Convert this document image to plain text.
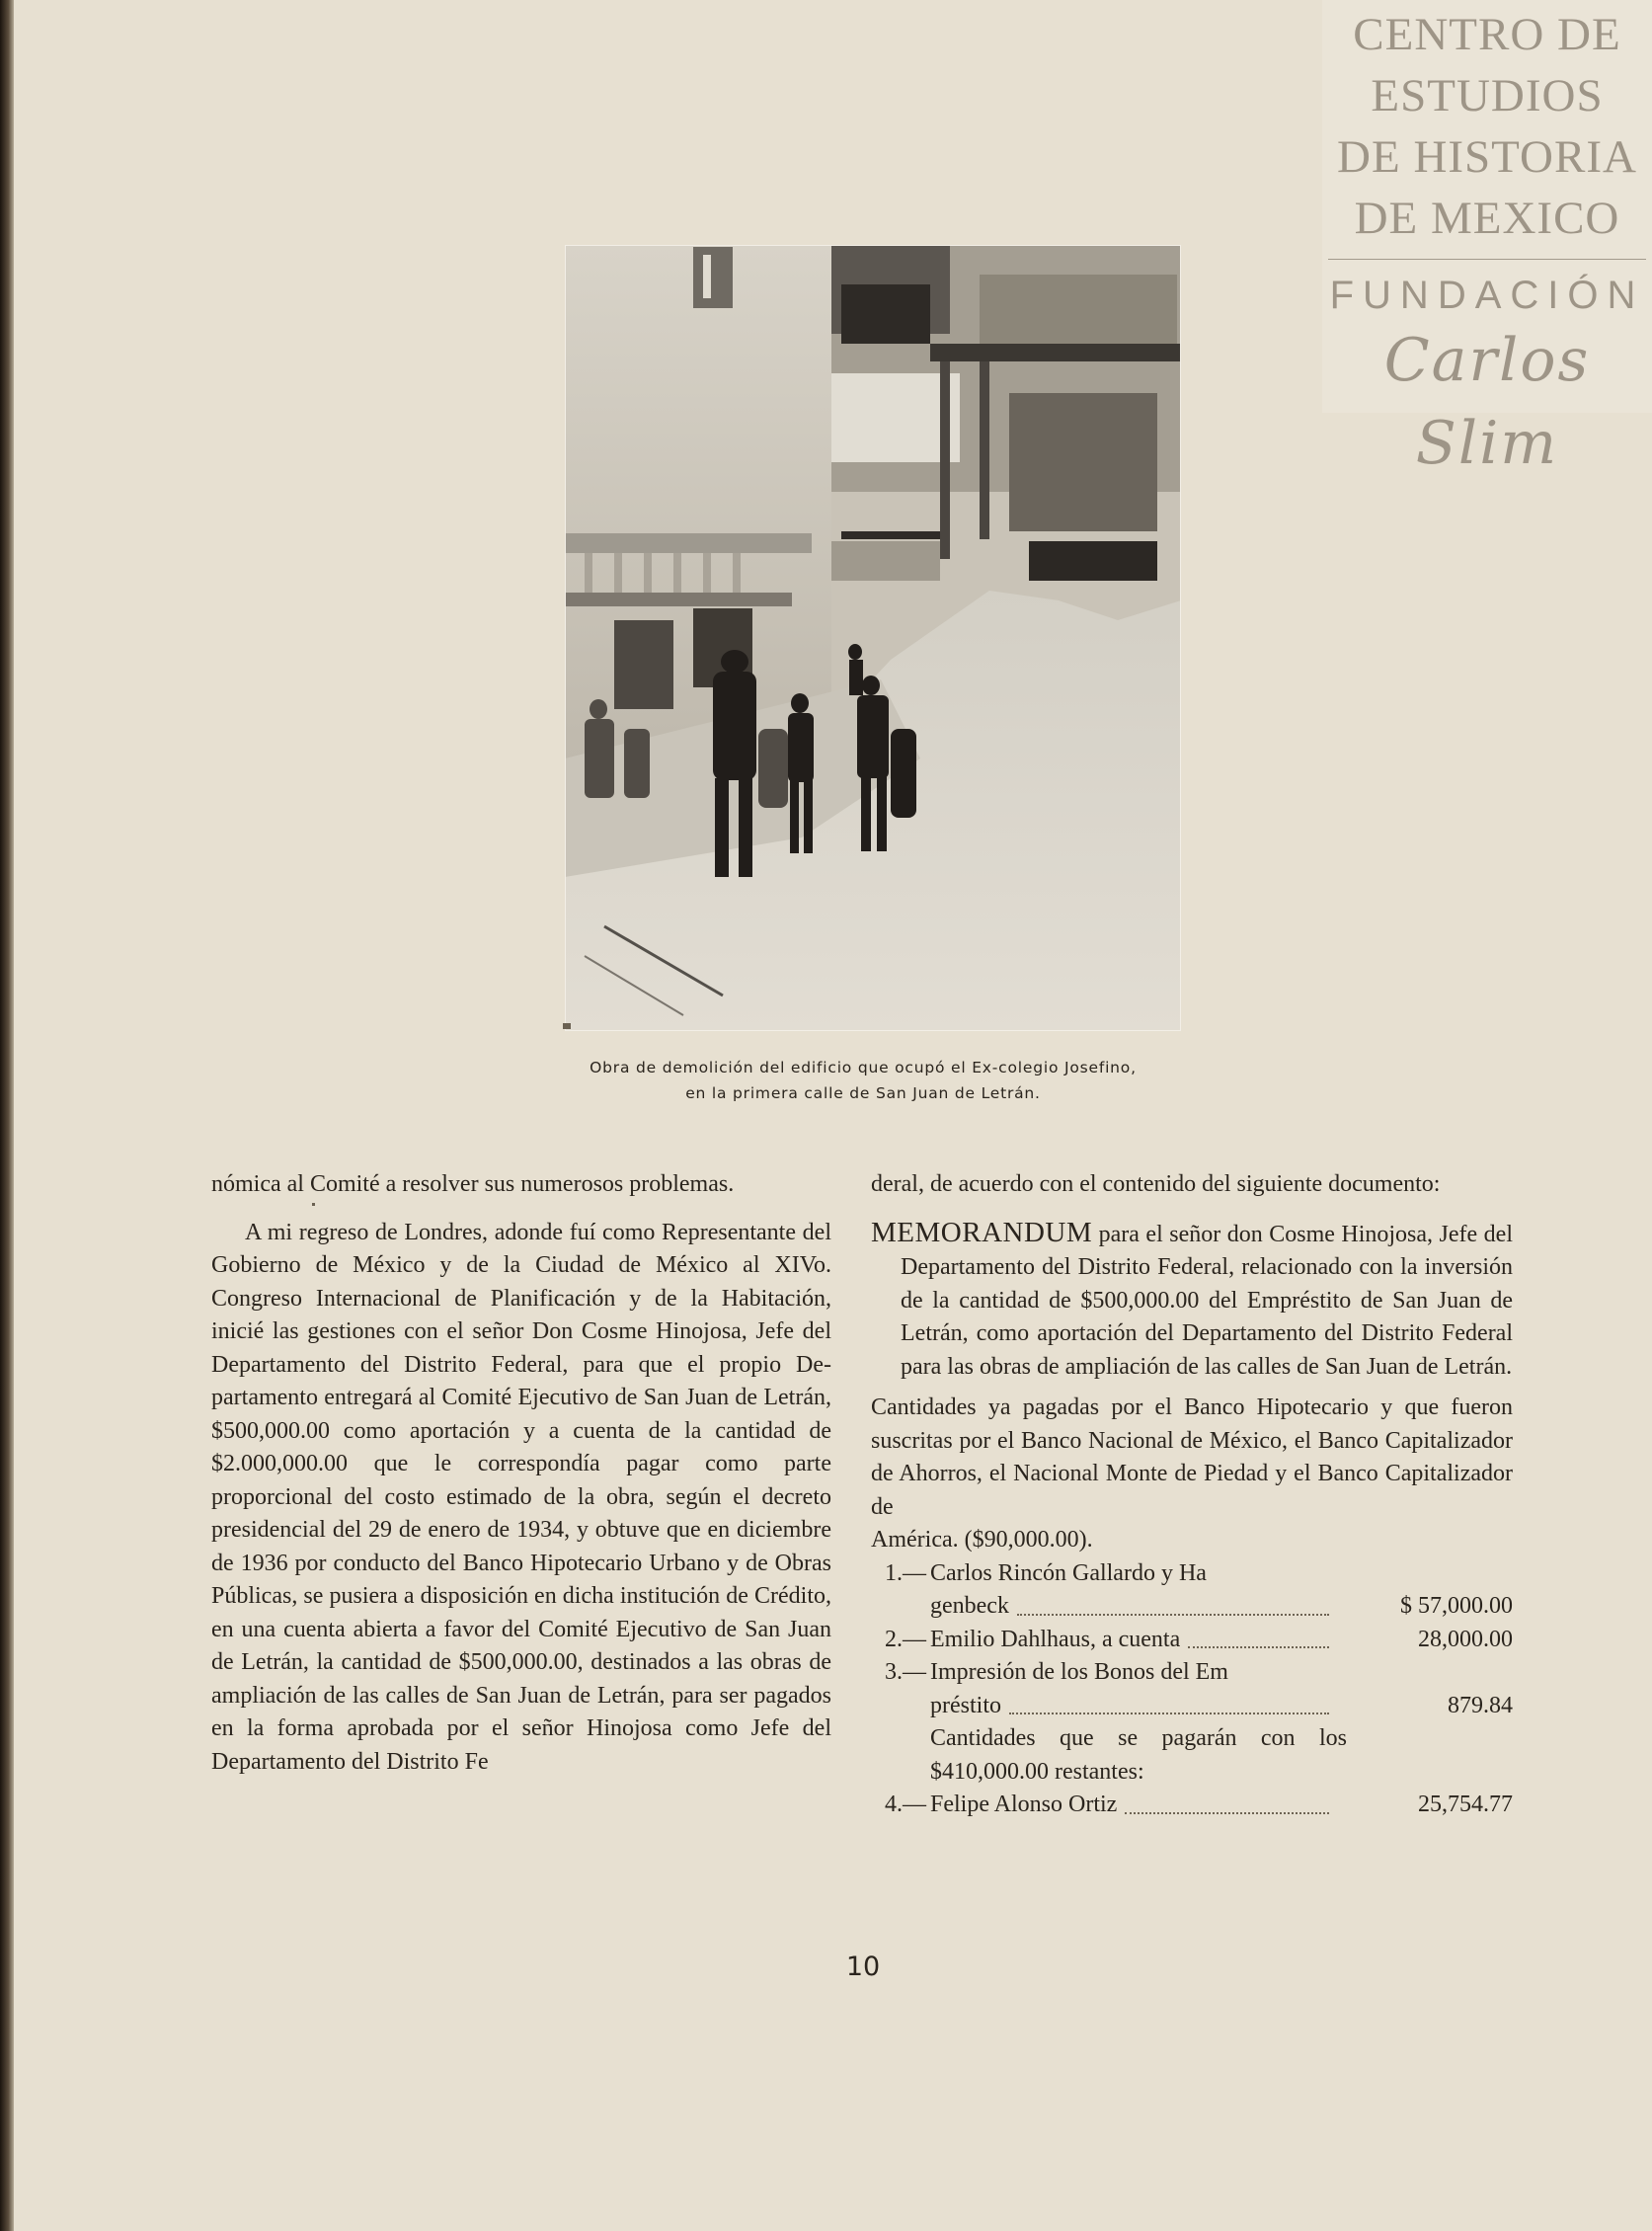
CENTRO DE
ESTUDIOS
DE HISTORIA
DE MEXICO
FUNDACIÓN
Carlos Slim
Obra de demolición del edificio que ocupó el Ex-colegio Josefino,
en la primera calle de San Juan de Letrán.

nómica al Comité a resolver sus numerosos problemas.

A mi regreso de Londres, adonde fuí como Representante del Gobierno de México y de la Ciudad de México al XIVo. Congreso Internacional de Planificación y de la Habitación, inicié las gestiones con el señor Don Cosme Hinojosa, Jefe del Departamento del Distrito Federal, para que el propio Departamento entregará al Comité Ejecutivo de San Juan de Letrán, $500,000.00 como aportación y a cuenta de la cantidad de $2.000,000.00 que le correspondía pagar como parte proporcional del costo estimado de la obra, según el decreto presidencial del 29 de enero de 1934, y obtuve que en diciembre de 1936 por conducto del Banco Hipotecario Urbano y de Obras Públicas, se pusiera a disposición en dicha institución de Crédito, en una cuenta abierta a favor del Comité Ejecutivo de San Juan de Letrán, la cantidad de $500,000.00, destinados a las obras de ampliación de las calles de San Juan de Letrán, para ser pagados en la forma aprobada por el señor Hinojosa como Jefe del Departamento del Distrito Fe

deral, de acuerdo con el contenido del siguiente documento:

MEMORANDUM para el señor don Cosme Hinojosa, Jefe del Departamento del Distrito Federal, relacionado con la inversión de la cantidad de $500,000.00 del Empréstito de San Juan de Letrán, como aportación del Departamento del Distrito Federal para las obras de ampliación de las calles de San Juan de Letrán.

Cantidades ya pagadas por el Banco Hipotecario y que fueron suscritas por el Banco Nacional de México, el Banco Capitalizador de Ahorros, el Nacional Monte de Piedad y el Banco Capitalizador de

América. ($90,000.00).

1.— Carlos Rincón Gallardo y Ha
genbeck	$ 57,000.00
2.— Emilio Dahlhaus, a cuenta	28,000.00
3.— Impresión de los Bonos del Em
préstito	879.84

Cantidades que se pagarán con los $410,000.00 restantes:

4.— Felipe Alonso Ortiz	25,754.77
10
